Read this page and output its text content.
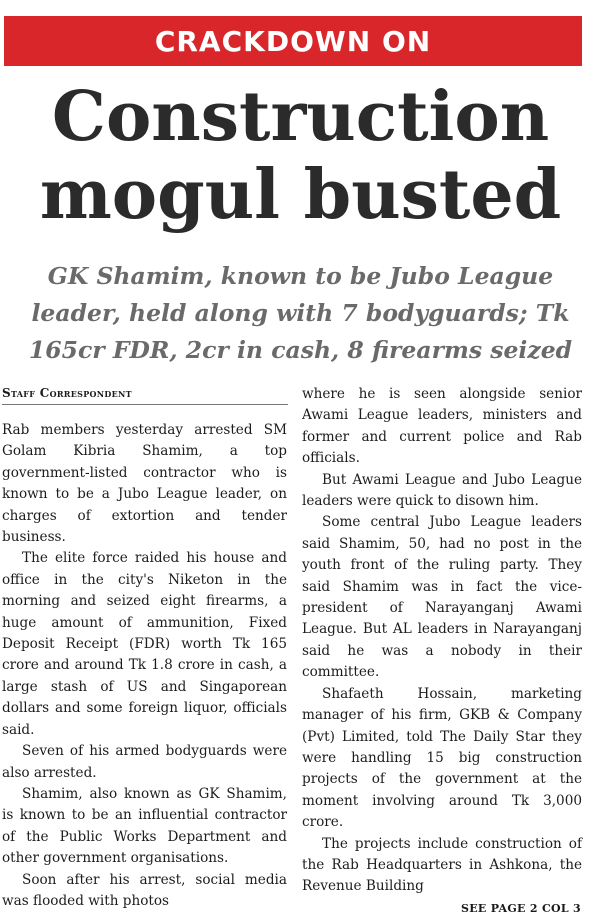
CRACKDOWN ON
Construction
mogul busted
GK Shamim, known to be Jubo League leader, held along with 7 bodyguards; Tk 165cr FDR, 2cr in cash, 8 firearms seized
Staff Correspondent

Rab members yesterday arrested SM Golam Kibria Shamim, a top government-listed contractor who is known to be a Jubo League leader, on charges of extortion and tender business.

The elite force raided his house and office in the city's Niketon in the morning and seized eight firearms, a huge amount of ammunition, Fixed Deposit Receipt (FDR) worth Tk 165 crore and around Tk 1.8 crore in cash, a large stash of US and Singaporean dollars and some foreign liquor, officials said.

Seven of his armed bodyguards were also arrested.

Shamim, also known as GK Shamim, is known to be an influential contractor of the Public Works Department and other government organisations.

Soon after his arrest, social media was flooded with photos

where he is seen alongside senior Awami League leaders, ministers and former and current police and Rab officials.

But Awami League and Jubo League leaders were quick to disown him.

Some central Jubo League leaders said Shamim, 50, had no post in the youth front of the ruling party. They said Shamim was in fact the vice-president of Narayanganj Awami League. But AL leaders in Narayanganj said he was a nobody in their committee.

Shafaeth Hossain, marketing manager of his firm, GKB & Company (Pvt) Limited, told The Daily Star they were handling 15 big construction projects of the government at the moment involving around Tk 3,000 crore.

The projects include construction of the Rab Headquarters in Ashkona, the Revenue Building

SEE PAGE 2 COL 3
